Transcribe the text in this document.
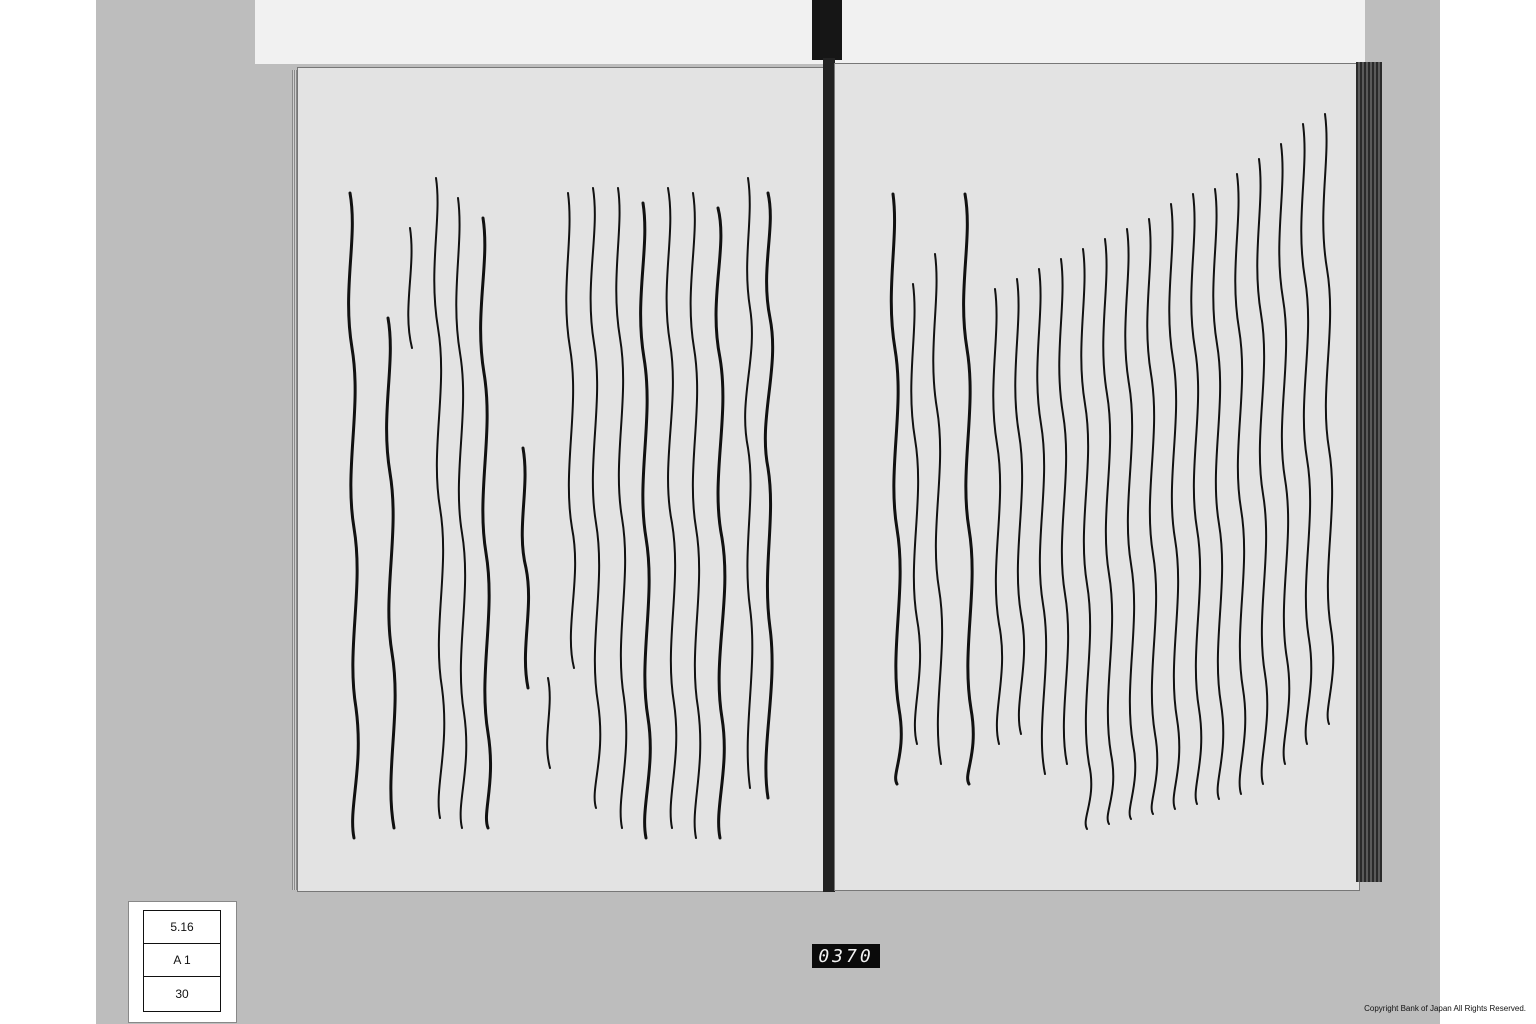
5.16
A 1
30
0370
Copyright Bank of Japan All Rights Reserved.
